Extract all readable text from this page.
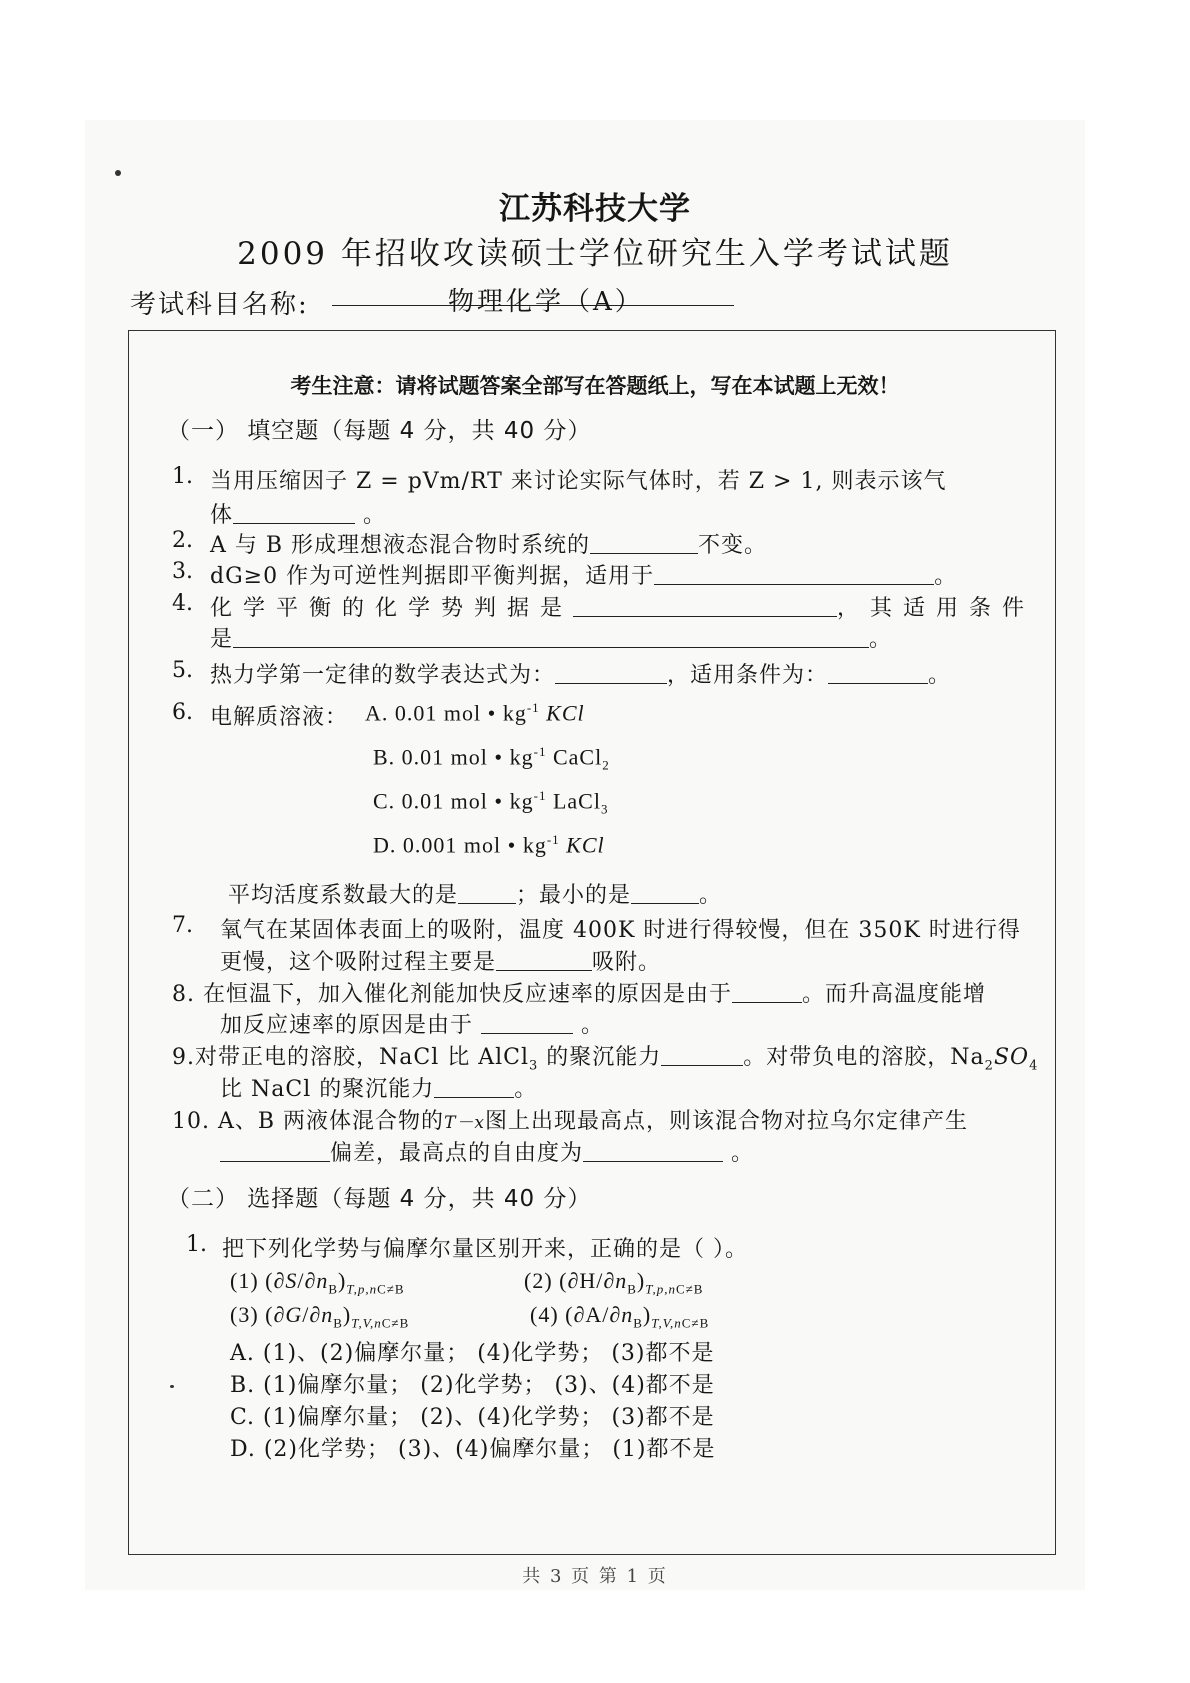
江苏科技大学
2009 年招收攻读硕士学位研究生入学考试试题
考试科目名称:	物理化学（A）
考生注意：请将试题答案全部写在答题纸上，写在本试题上无效！
（一） 填空题（每题 4 分，共 40 分）
1. 当用压缩因子 Z = pVm/RT 来讨论实际气体时，若 Z > 1, 则表示该气
体	。
2. A 与 B 形成理想液态混合物时系统的	不变。
3. dG≥0 作为可逆性判据即平衡判据，适用于	。
4. 化学平衡的化学势判据是	，其适用条件
是	。
5. 热力学第一定律的数学表达式为：	，适用条件为：	。
6. 电解质溶液： A. 0.01 mol • $kg^{-1}$ KCl
B. 0.01 mol • $kg^{-1}$ CaCl$_2$
C. 0.01 mol • $kg^{-1}$ LaCl$_3$
D. 0.001 mol • $kg^{-1}$ KCl
平均活度系数最大的是	；最小的是	。
7. 氧气在某固体表面上的吸附，温度 400K 时进行得较慢，但在 350K 时进行得
更慢，这个吸附过程主要是	吸附。
8. 在恒温下，加入催化剂能加快反应速率的原因是由于	。而升高温度能增
加反应速率的原因是由于	。
9.对带正电的溶胶，NaCl 比 AlCl$_3$ 的聚沉能力	。对带负电的溶胶，$Na_2SO_4$
比 NaCl 的聚沉能力	。
10. A、B 两液体混合物的T－x图上出现最高点，则该混合物对拉乌尔定律产生
偏差，最高点的自由度为	。
（二） 选择题（每题 4 分，共 40 分）
1. 把下列化学势与偏摩尔量区别开来，正确的是（ ）。
(1) $(\partial S/\partial n_B)_{T,p,nC\ne B}$	(2) $(\partial H/\partial n_B)_{T,p,nC\ne B}$
(3) $(\partial G/\partial n_B)_{T,V,nC\ne B}$	(4) $(\partial A/\partial n_B)_{T,V,nC\ne B}$
A. (1)、(2)偏摩尔量； (4)化学势； (3)都不是
B. (1)偏摩尔量； (2)化学势； (3)、(4)都不是
C. (1)偏摩尔量； (2)、(4)化学势； (3)都不是
D. (2)化学势； (3)、(4)偏摩尔量； (1)都不是
共 3 页 第 1 页
